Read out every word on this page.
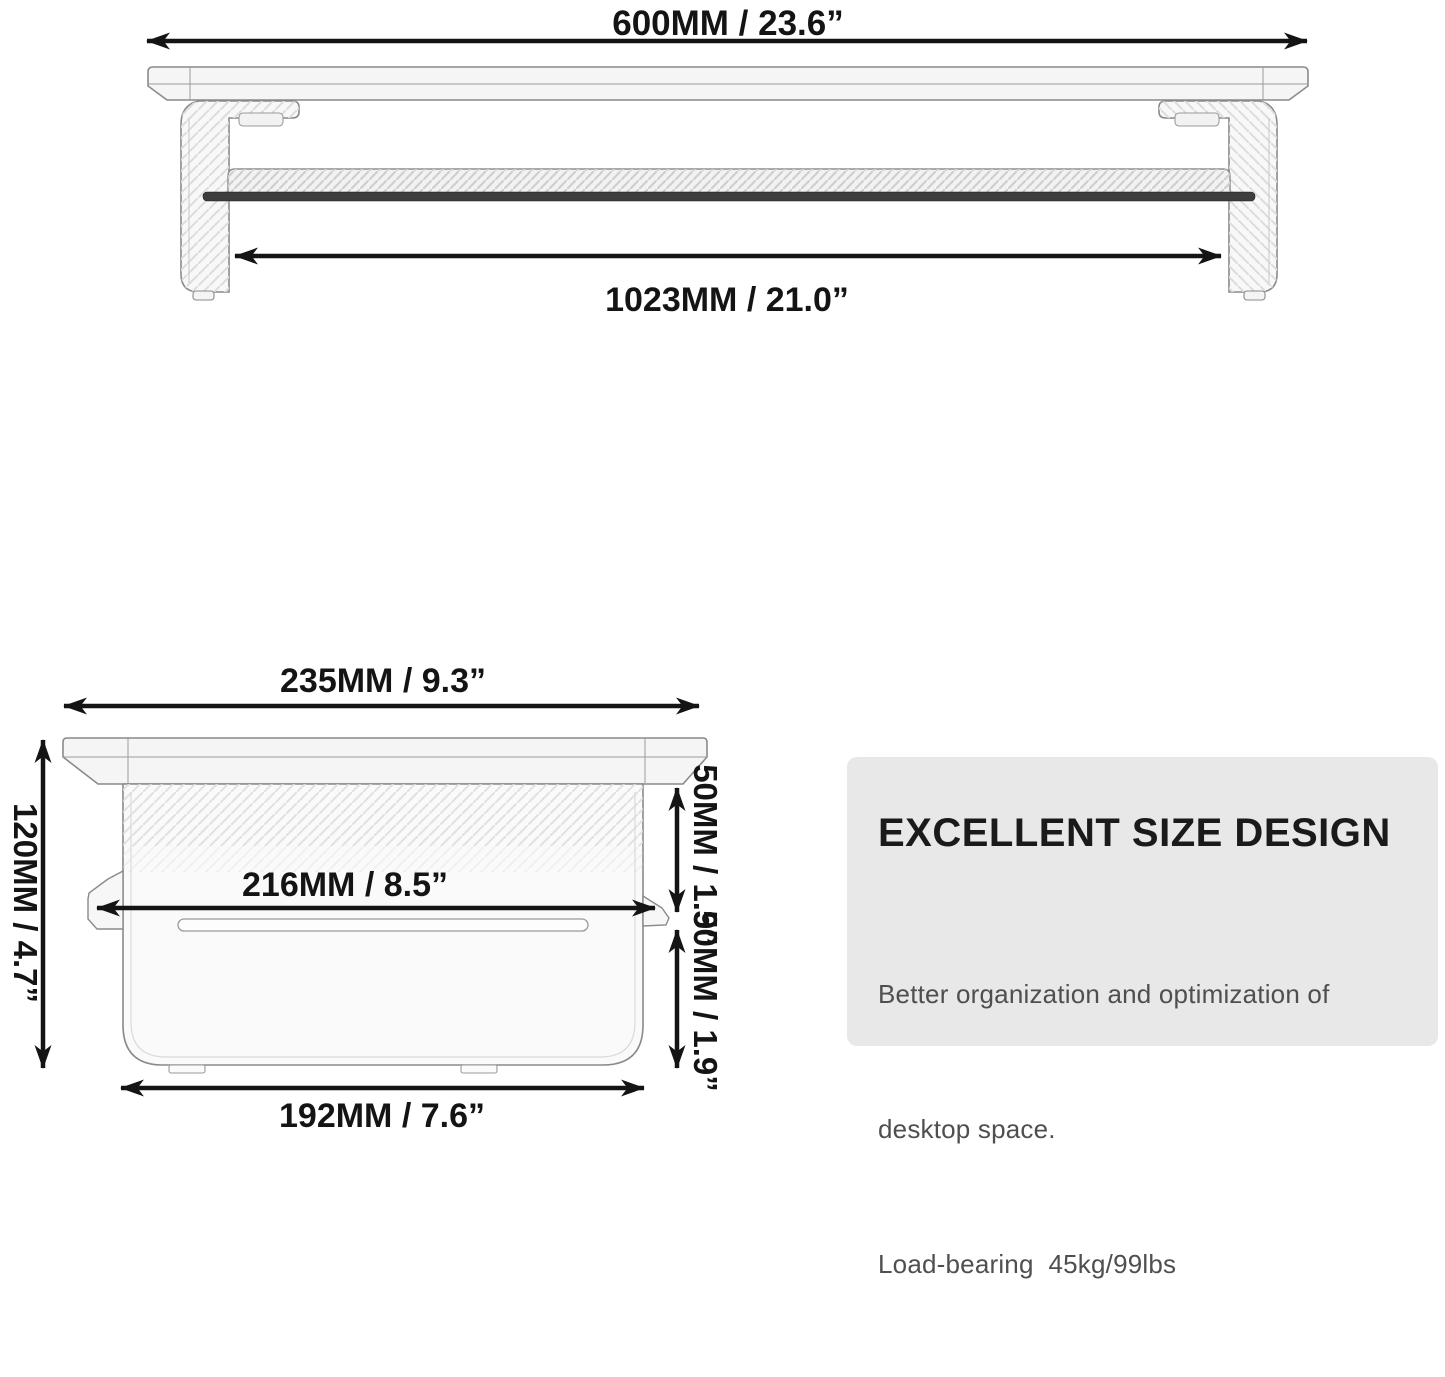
600MM / 23.6”
1023MM / 21.0”
235MM / 9.3”
216MM / 8.5”
120MM / 4.7”	50MM / 1.9”
50MM / 1.9”
192MM / 7.6”
EXCELLENT SIZE DESIGN

Better organization and optimization of

desktop space.

Load-bearing  45kg/99lbs
